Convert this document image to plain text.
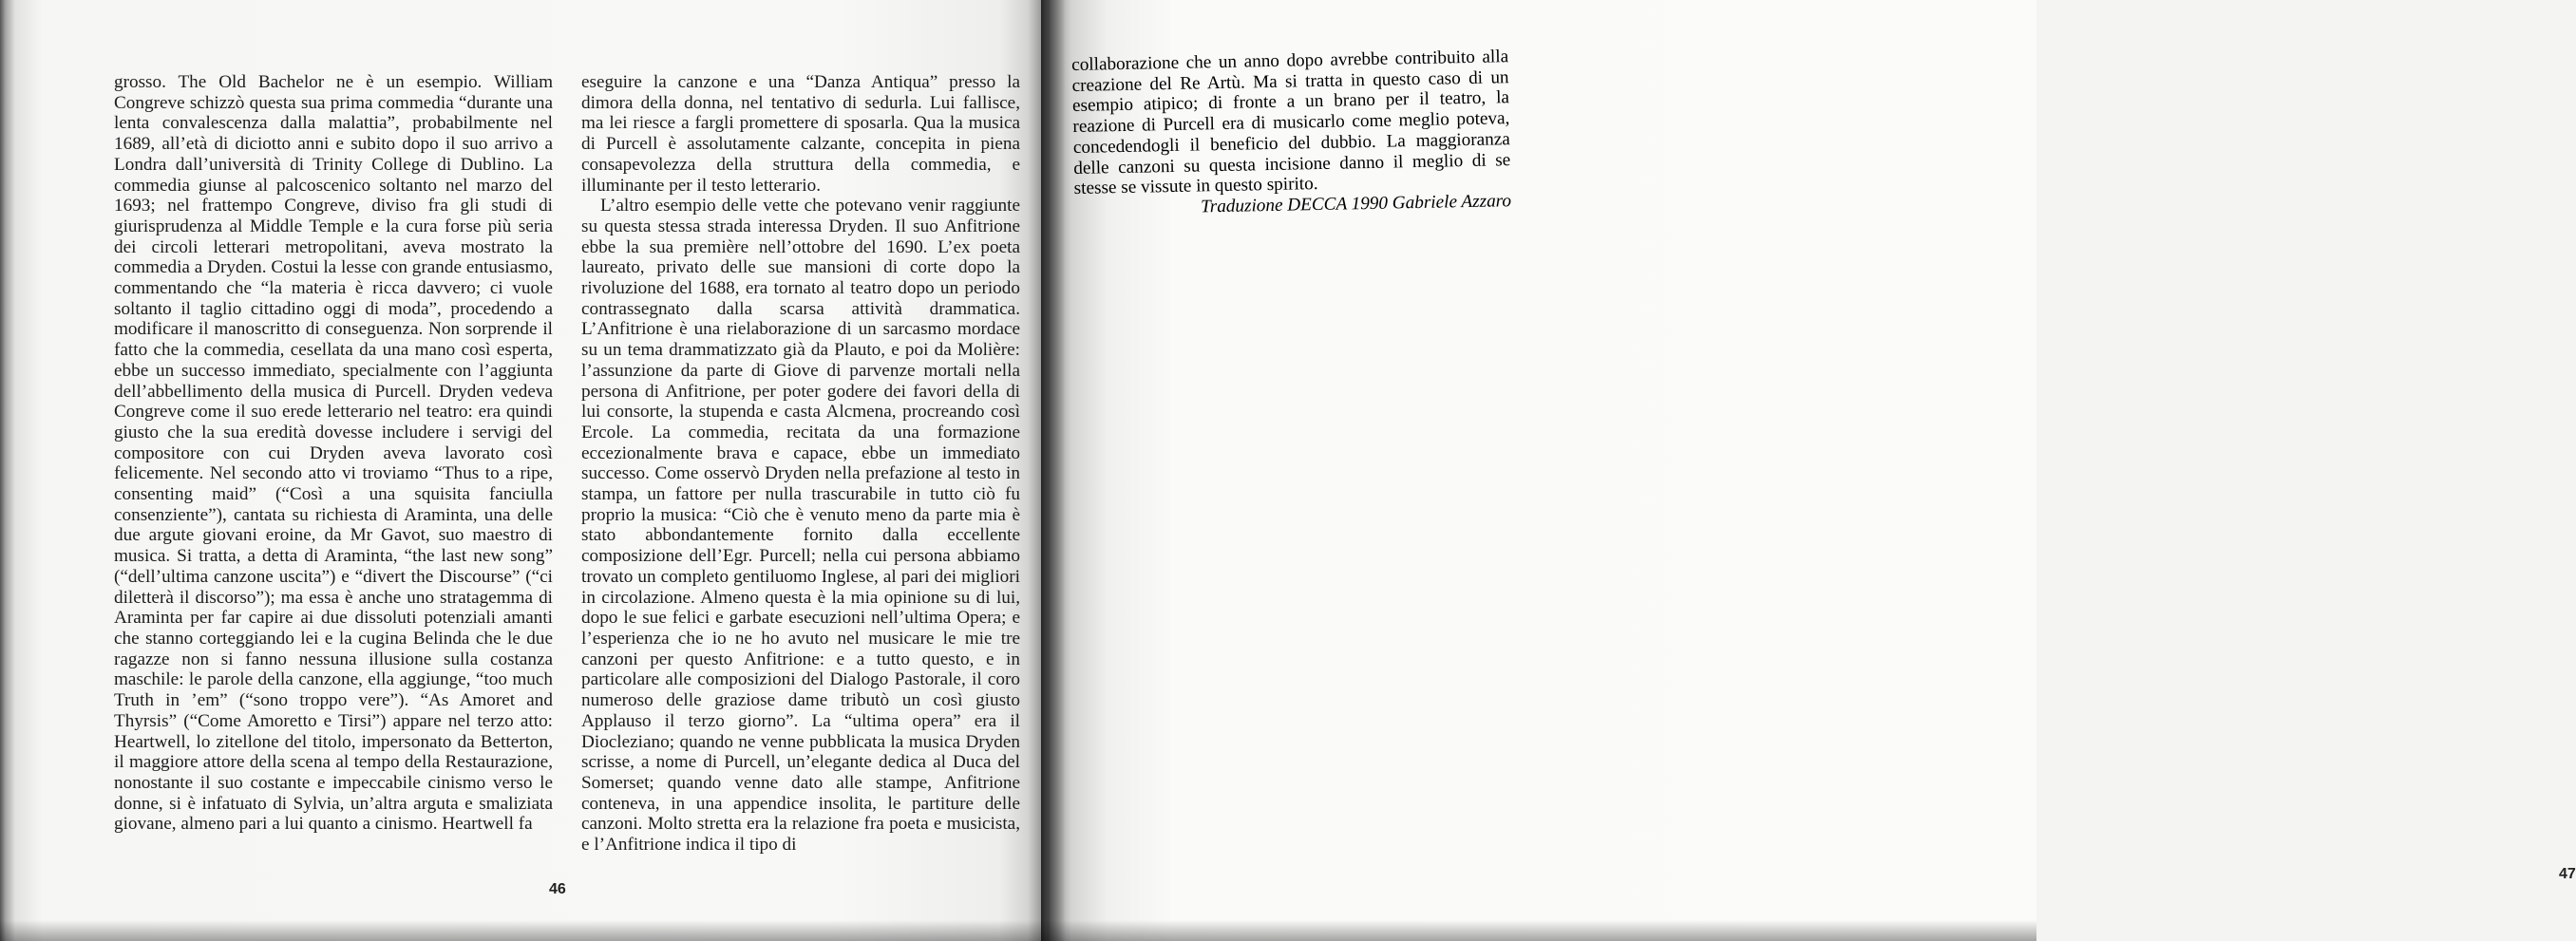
grosso. The Old Bachelor ne è un esempio. William Congreve schizzò questa sua prima commedia “durante una lenta convalescenza dalla malattia”, probabilmente nel 1689, all’età di diciotto anni e subito dopo il suo arrivo a Londra dall’università di Trinity College di Dublino. La commedia giunse al palcoscenico soltanto nel marzo del 1693; nel frattempo Congreve, diviso fra gli studi di giurisprudenza al Middle Temple e la cura forse più seria dei circoli letterari metropolitani, aveva mostrato la commedia a Dryden. Costui la lesse con grande entusiasmo, commentando che “la materia è ricca davvero; ci vuole soltanto il taglio cittadino oggi di moda”, procedendo a modificare il manoscritto di conseguenza. Non sorprende il fatto che la commedia, cesellata da una mano così esperta, ebbe un successo immediato, specialmente con l’aggiunta dell’abbellimento della musica di Purcell. Dryden vedeva Congreve come il suo erede letterario nel teatro: era quindi giusto che la sua eredità dovesse includere i servigi del compositore con cui Dryden aveva lavorato così felicemente. Nel secondo atto vi troviamo “Thus to a ripe, consenting maid” (“Così a una squisita fanciulla consenziente”), cantata su richiesta di Araminta, una delle due argute giovani eroine, da Mr Gavot, suo maestro di musica. Si tratta, a detta di Araminta, “the last new song” (“dell’ultima canzone uscita”) e “divert the Discourse” (“ci diletterà il discorso”); ma essa è anche uno stratagemma di Araminta per far capire ai due dissoluti potenziali amanti che stanno corteggiando lei e la cugina Belinda che le due ragazze non si fanno nessuna illusione sulla costanza maschile: le parole della canzone, ella aggiunge, “too much Truth in ’em” (“sono troppo vere”). “As Amoret and Thyrsis” (“Come Amoretto e Tirsi”) appare nel terzo atto: Heartwell, lo zitellone del titolo, impersonato da Betterton, il maggiore attore della scena al tempo della Restaurazione, nonostante il suo costante e impeccabile cinismo verso le donne, si è infatuato di Sylvia, un’altra arguta e smaliziata giovane, almeno pari a lui quanto a cinismo. Heartwell fa

eseguire la canzone e una “Danza Antiqua” presso la dimora della donna, nel tentativo di sedurla. Lui fallisce, ma lei riesce a fargli promettere di sposarla. Qua la musica di Purcell è assolutamente calzante, concepita in piena consapevolezza della struttura della commedia, e illuminante per il testo letterario.

L’altro esempio delle vette che potevano venir raggiunte su questa stessa strada interessa Dryden. Il suo Anfitrione ebbe la sua première nell’ottobre del 1690. L’ex poeta laureato, privato delle sue mansioni di corte dopo la rivoluzione del 1688, era tornato al teatro dopo un periodo contrassegnato dalla scarsa attività drammatica. L’Anfitrione è una rielaborazione di un sarcasmo mordace su un tema drammatizzato già da Plauto, e poi da Molière: l’assunzione da parte di Giove di parvenze mortali nella persona di Anfitrione, per poter godere dei favori della di lui consorte, la stupenda e casta Alcmena, procreando così Ercole. La commedia, recitata da una formazione eccezionalmente brava e capace, ebbe un immediato successo. Come osservò Dryden nella prefazione al testo in stampa, un fattore per nulla trascurabile in tutto ciò fu proprio la musica: “Ciò che è venuto meno da parte mia è stato abbondantemente fornito dalla eccellente composizione dell’Egr. Purcell; nella cui persona abbiamo trovato un completo gentiluomo Inglese, al pari dei migliori in circolazione. Almeno questa è la mia opinione su di lui, dopo le sue felici e garbate esecuzioni nell’ultima Opera; e l’esperienza che io ne ho avuto nel musicare le mie tre canzoni per questo Anfitrione: e a tutto questo, e in particolare alle composizioni del Dialogo Pastorale, il coro numeroso delle graziose dame tributò un così giusto Applauso il terzo giorno”. La “ultima opera” era il Diocleziano; quando ne venne pubblicata la musica Dryden scrisse, a nome di Purcell, un’elegante dedica al Duca del Somerset; quando venne dato alle stampe, Anfitrione conteneva, in una appendice insolita, le partiture delle canzoni. Molto stretta era la relazione fra poeta e musicista, e l’Anfitrione indica il tipo di

46
47

collaborazione che un anno dopo avrebbe contribuito alla creazione del Re Artù. Ma si tratta in questo caso di un esempio atipico; di fronte a un brano per il teatro, la reazione di Purcell era di musicarlo come meglio poteva, concedendogli il beneficio del dubbio. La maggioranza delle canzoni su questa incisione danno il meglio di se stesse se vissute in questo spirito.

Traduzione DECCA 1990 Gabriele Azzaro
